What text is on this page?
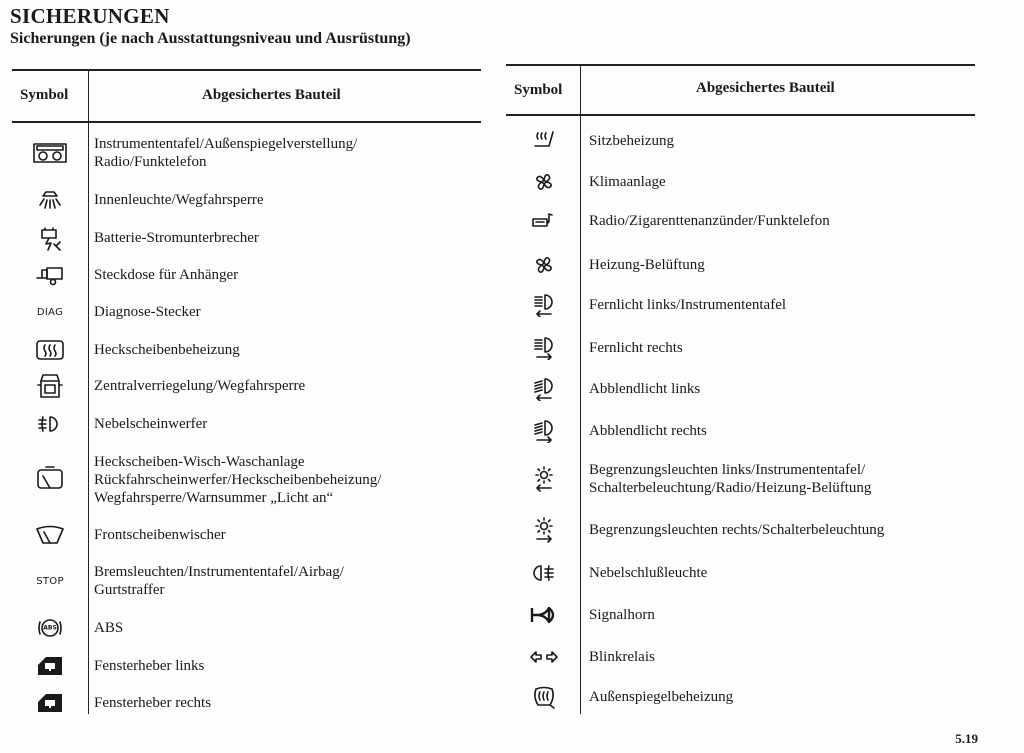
SICHERUNGEN
Sicherungen (je nach Ausstattungsniveau und Ausrüstung)
Symbol	Abgesichertes Bauteil
Instrumententafel/Außenspiegelverstellung/
Radio/Funktelefon
Innenleuchte/Wegfahrsperre
Batterie-Stromunterbrecher
Steckdose für Anhänger
DIAG Diagnose-Stecker
Heckscheibenbeheizung
Zentralverriegelung/Wegfahrsperre
Nebelscheinwerfer
Heckscheiben-Wisch-Waschanlage
Rückfahrscheinwerfer/Heckscheibenbeheizung/
Wegfahrsperre/Warnsummer „Licht an“
Frontscheibenwischer
STOP
Bremsleuchten/Instrumententafel/Airbag/
Gurtstraffer
ABS ABS
Fensterheber links
Fensterheber rechts
Symbol	Abgesichertes Bauteil
Sitzbeheizung
Klimaanlage
Radio/Zigarenttenanzünder/Funktelefon
Heizung-Belüftung
Fernlicht links/Instrumententafel
Fernlicht rechts
Abblendlicht links
Abblendlicht rechts
Begrenzungsleuchten links/Instrumententafel/
Schalterbeleuchtung/Radio/Heizung-Belüftung
Begrenzungsleuchten rechts/Schalterbeleuchtung
Nebelschlußleuchte
Signalhorn
Blinkrelais
Außenspiegelbeheizung
5.19
